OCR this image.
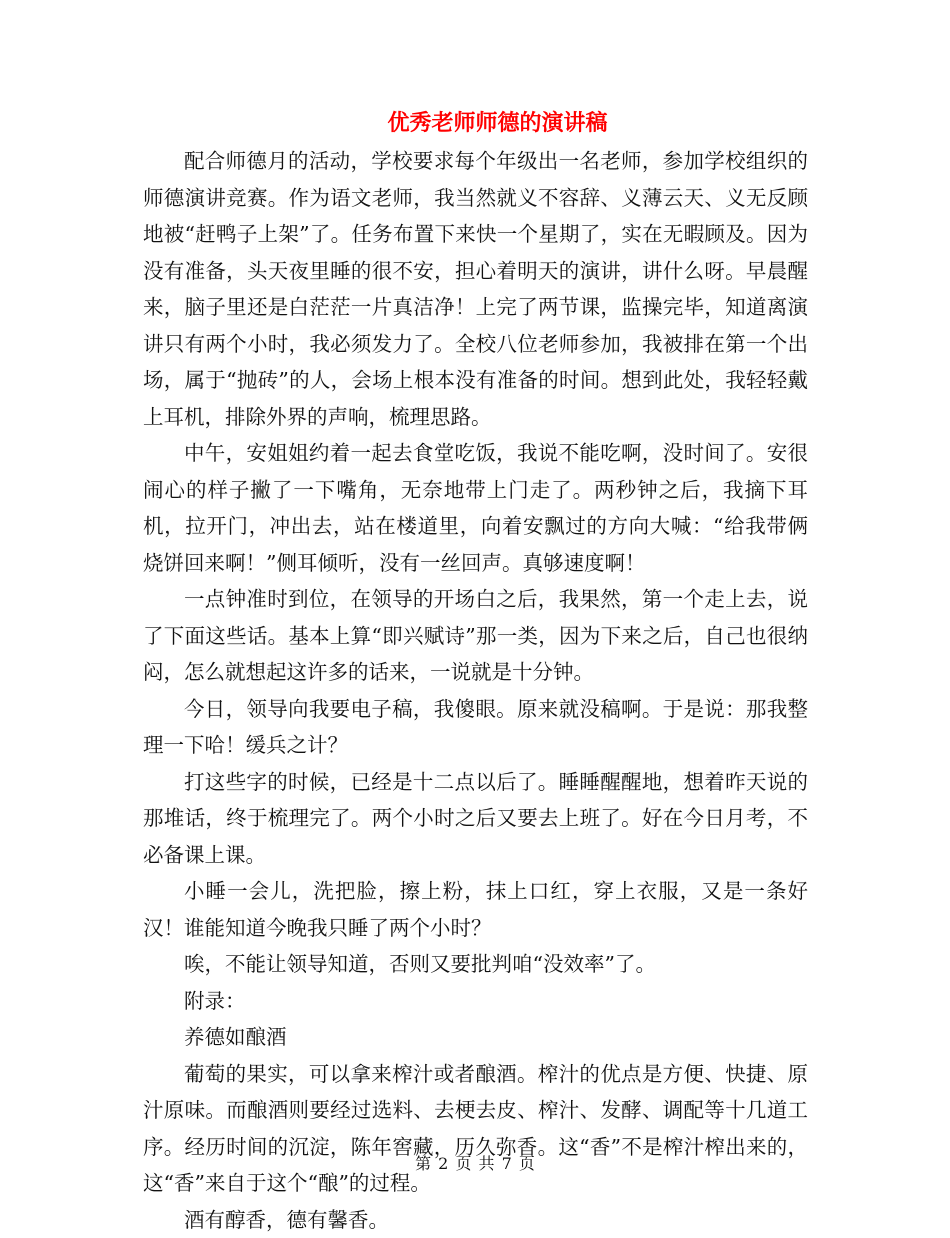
优秀老师师德的演讲稿

配合师德月的活动，学校要求每个年级出一名老师，参加学校组织的师德演讲竞赛。作为语文老师，我当然就义不容辞、义薄云天、义无反顾地被“赶鸭子上架”了。任务布置下来快一个星期了，实在无暇顾及。因为没有准备，头天夜里睡的很不安，担心着明天的演讲，讲什么呀。早晨醒来，脑子里还是白茫茫一片真洁净！上完了两节课，监操完毕，知道离演讲只有两个小时，我必须发力了。全校八位老师参加，我被排在第一个出场，属于“抛砖”的人，会场上根本没有准备的时间。想到此处，我轻轻戴上耳机，排除外界的声响，梳理思路。

中午，安姐姐约着一起去食堂吃饭，我说不能吃啊，没时间了。安很闹心的样子撇了一下嘴角，无奈地带上门走了。两秒钟之后，我摘下耳机，拉开门，冲出去，站在楼道里，向着安飘过的方向大喊：“给我带俩烧饼回来啊！”侧耳倾听，没有一丝回声。真够速度啊！

一点钟准时到位，在领导的开场白之后，我果然，第一个走上去，说了下面这些话。基本上算“即兴赋诗”那一类，因为下来之后，自己也很纳闷，怎么就想起这许多的话来，一说就是十分钟。

今日，领导向我要电子稿，我傻眼。原来就没稿啊。于是说：那我整理一下哈！缓兵之计？

打这些字的时候，已经是十二点以后了。睡睡醒醒地，想着昨天说的那堆话，终于梳理完了。两个小时之后又要去上班了。好在今日月考，不必备课上课。

小睡一会儿，洗把脸，擦上粉，抹上口红，穿上衣服，又是一条好汉！谁能知道今晚我只睡了两个小时？

唉，不能让领导知道，否则又要批判咱“没效率”了。

附录：

养德如酿酒

葡萄的果实，可以拿来榨汁或者酿酒。榨汁的优点是方便、快捷、原汁原味。而酿酒则要经过选料、去梗去皮、榨汁、发酵、调配等十几道工序。经历时间的沉淀，陈年窖藏，历久弥香。这“香”不是榨汁榨出来的，这“香”来自于这个“酿”的过程。

酒有醇香，德有馨香。

第 2 页 共 7 页
